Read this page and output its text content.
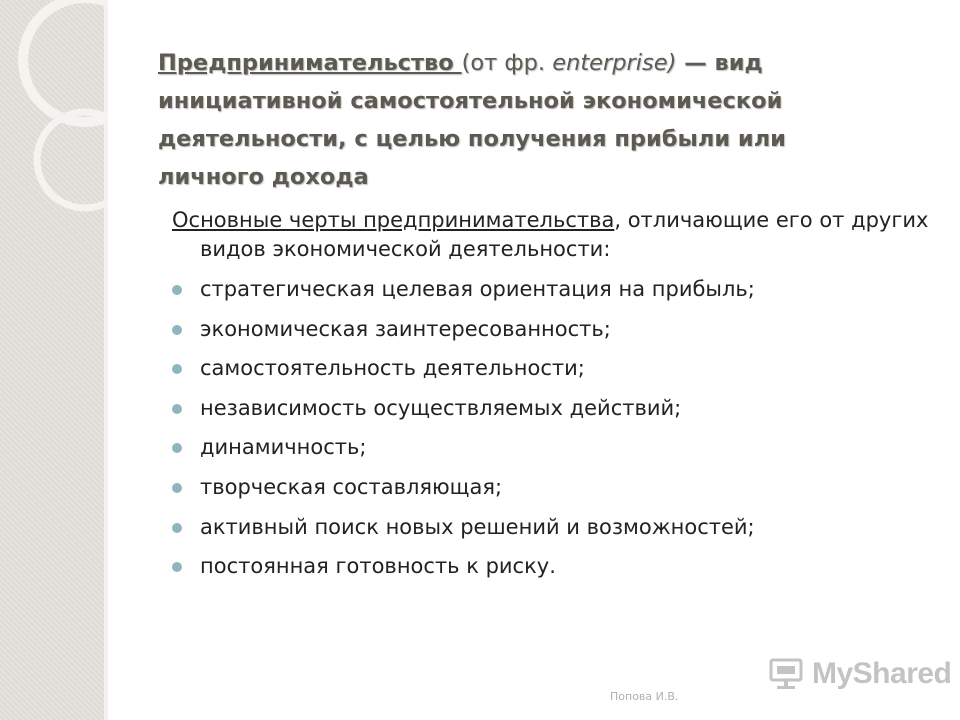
Предпринимательство (от фр. enterprise) — вид инициативной самостоятельной экономической деятельности, с целью получения прибыли или личного дохода

Основные черты предпринимательства, отличающие его от других видов экономической деятельности:

стратегическая целевая ориентация на прибыль;
экономическая заинтересованность;
самостоятельность деятельности;
независимость осуществляемых действий;
динамичность;
творческая составляющая;
активный поиск новых решений и возможностей;
постоянная готовность к риску.
Попова И.В.
MyShared
